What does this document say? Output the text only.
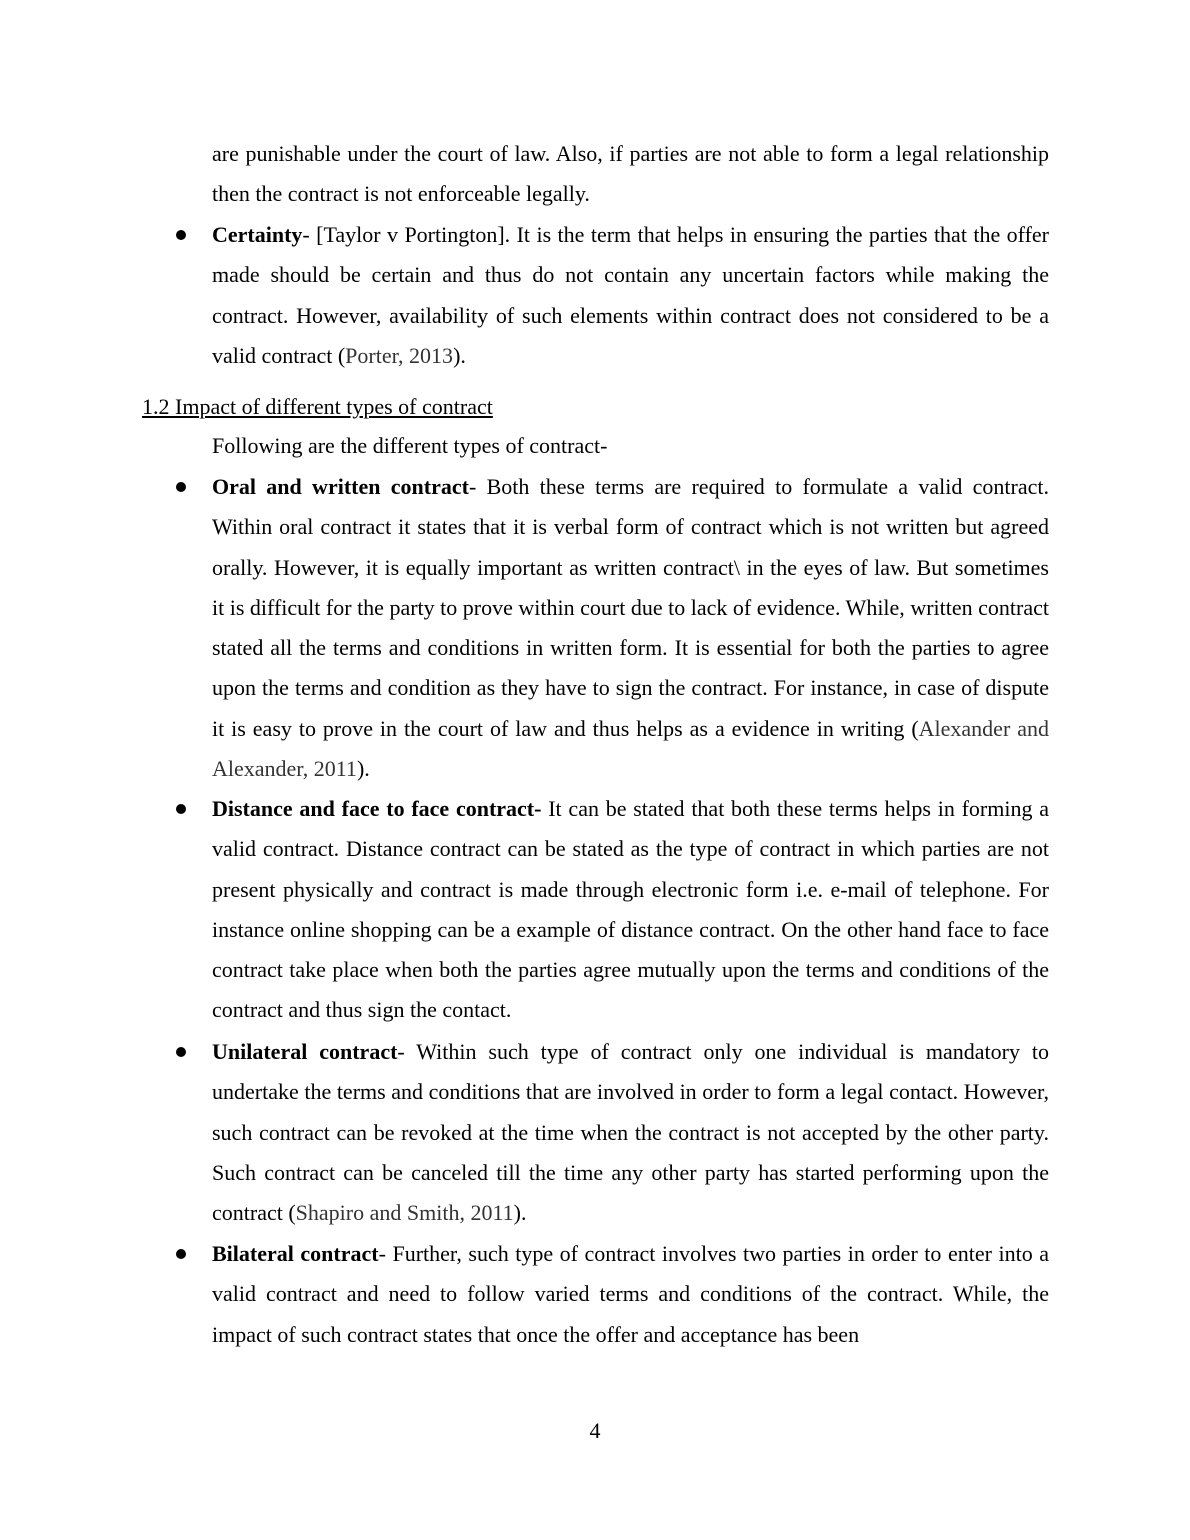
are punishable under the court of law. Also, if parties are not able to form a legal relationship then the contract is not enforceable legally.
Certainty- [Taylor v Portington]. It is the term that helps in ensuring the parties that the offer made should be certain and thus do not contain any uncertain factors while making the contract. However, availability of such elements within contract does not considered to be a valid contract (Porter, 2013).
1.2 Impact of different types of contract
Following are the different types of contract-
Oral and written contract- Both these terms are required to formulate a valid contract. Within oral contract it states that it is verbal form of contract which is not written but agreed orally. However, it is equally important as written contract\ in the eyes of law. But sometimes it is difficult for the party to prove within court due to lack of evidence. While, written contract stated all the terms and conditions in written form. It is essential for both the parties to agree upon the terms and condition as they have to sign the contract. For instance, in case of dispute it is easy to prove in the court of law and thus helps as a evidence in writing (Alexander and Alexander, 2011).
Distance and face to face contract- It can be stated that both these terms helps in forming a valid contract. Distance contract can be stated as the type of contract in which parties are not present physically and contract is made through electronic form i.e. e-mail of telephone. For instance online shopping can be a example of distance contract. On the other hand face to face contract take place when both the parties agree mutually upon the terms and conditions of the contract and thus sign the contact.
Unilateral contract- Within such type of contract only one individual is mandatory to undertake the terms and conditions that are involved in order to form a legal contact. However, such contract can be revoked at the time when the contract is not accepted by the other party. Such contract can be canceled till the time any other party has started performing upon the contract (Shapiro and Smith, 2011).
Bilateral contract- Further, such type of contract involves two parties in order to enter into a valid contract and need to follow varied terms and conditions of the contract. While, the impact of such contract states that once the offer and acceptance has been
4
